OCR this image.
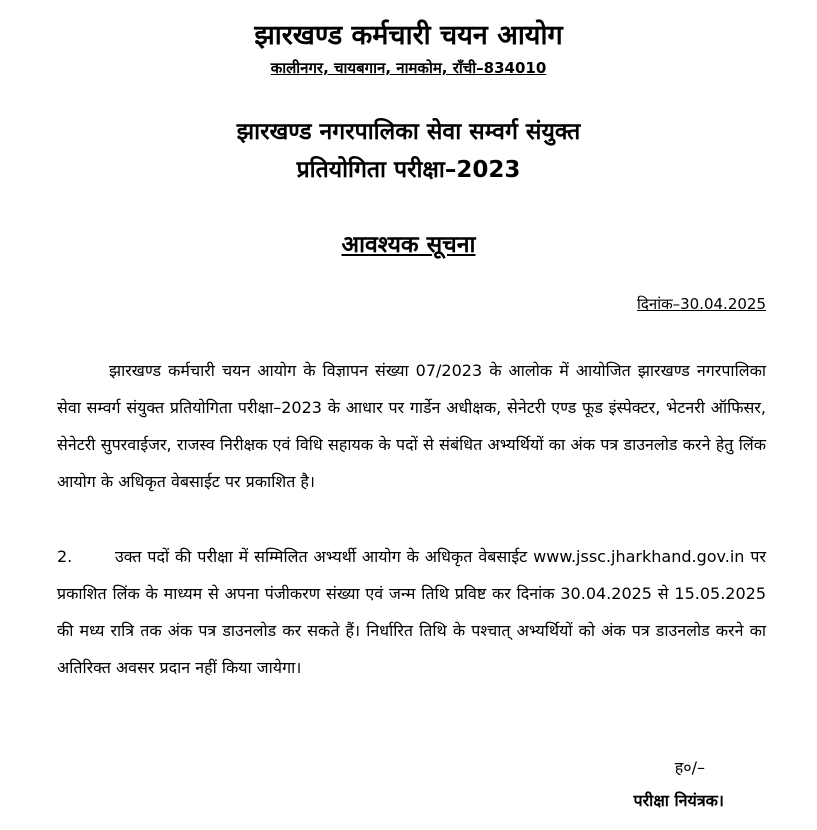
झारखण्ड कर्मचारी चयन आयोग
कालीनगर, चायबगान, नामकोम, राँची–834010
झारखण्ड नगरपालिका सेवा सम्वर्ग संयुक्त
प्रतियोगिता परीक्षा–2023
आवश्यक सूचना
दिनांक–30.04.2025

झारखण्ड कर्मचारी चयन आयोग के विज्ञापन संख्या 07/2023 के आलोक में आयोजित झारखण्ड नगरपालिका सेवा सम्वर्ग संयुक्त प्रतियोगिता परीक्षा–2023 के आधार पर गार्डेन अधीक्षक, सेनेटरी एण्ड फूड इंस्पेक्टर, भेटनरी ऑफिसर, सेनेटरी सुपरवाईजर, राजस्व निरीक्षक एवं विधि सहायक के पदों से संबंधित अभ्यर्थियों का अंक पत्र डाउनलोड करने हेतु लिंक आयोग के अधिकृत वेबसाईट पर प्रकाशित है।

2.	उक्त पदों की परीक्षा में सम्मिलित अभ्यर्थी आयोग के अधिकृत वेबसाईट www.jssc.jharkhand.gov.in पर प्रकाशित लिंक के माध्यम से अपना पंजीकरण संख्या एवं जन्म तिथि प्रविष्ट कर दिनांक 30.04.2025 से 15.05.2025 की मध्य रात्रि तक अंक पत्र डाउनलोड कर सकते हैं। निर्धारित तिथि के पश्चात् अभ्यर्थियों को अंक पत्र डाउनलोड करने का अतिरिक्त अवसर प्रदान नहीं किया जायेगा।

ह०/–
परीक्षा नियंत्रक।
